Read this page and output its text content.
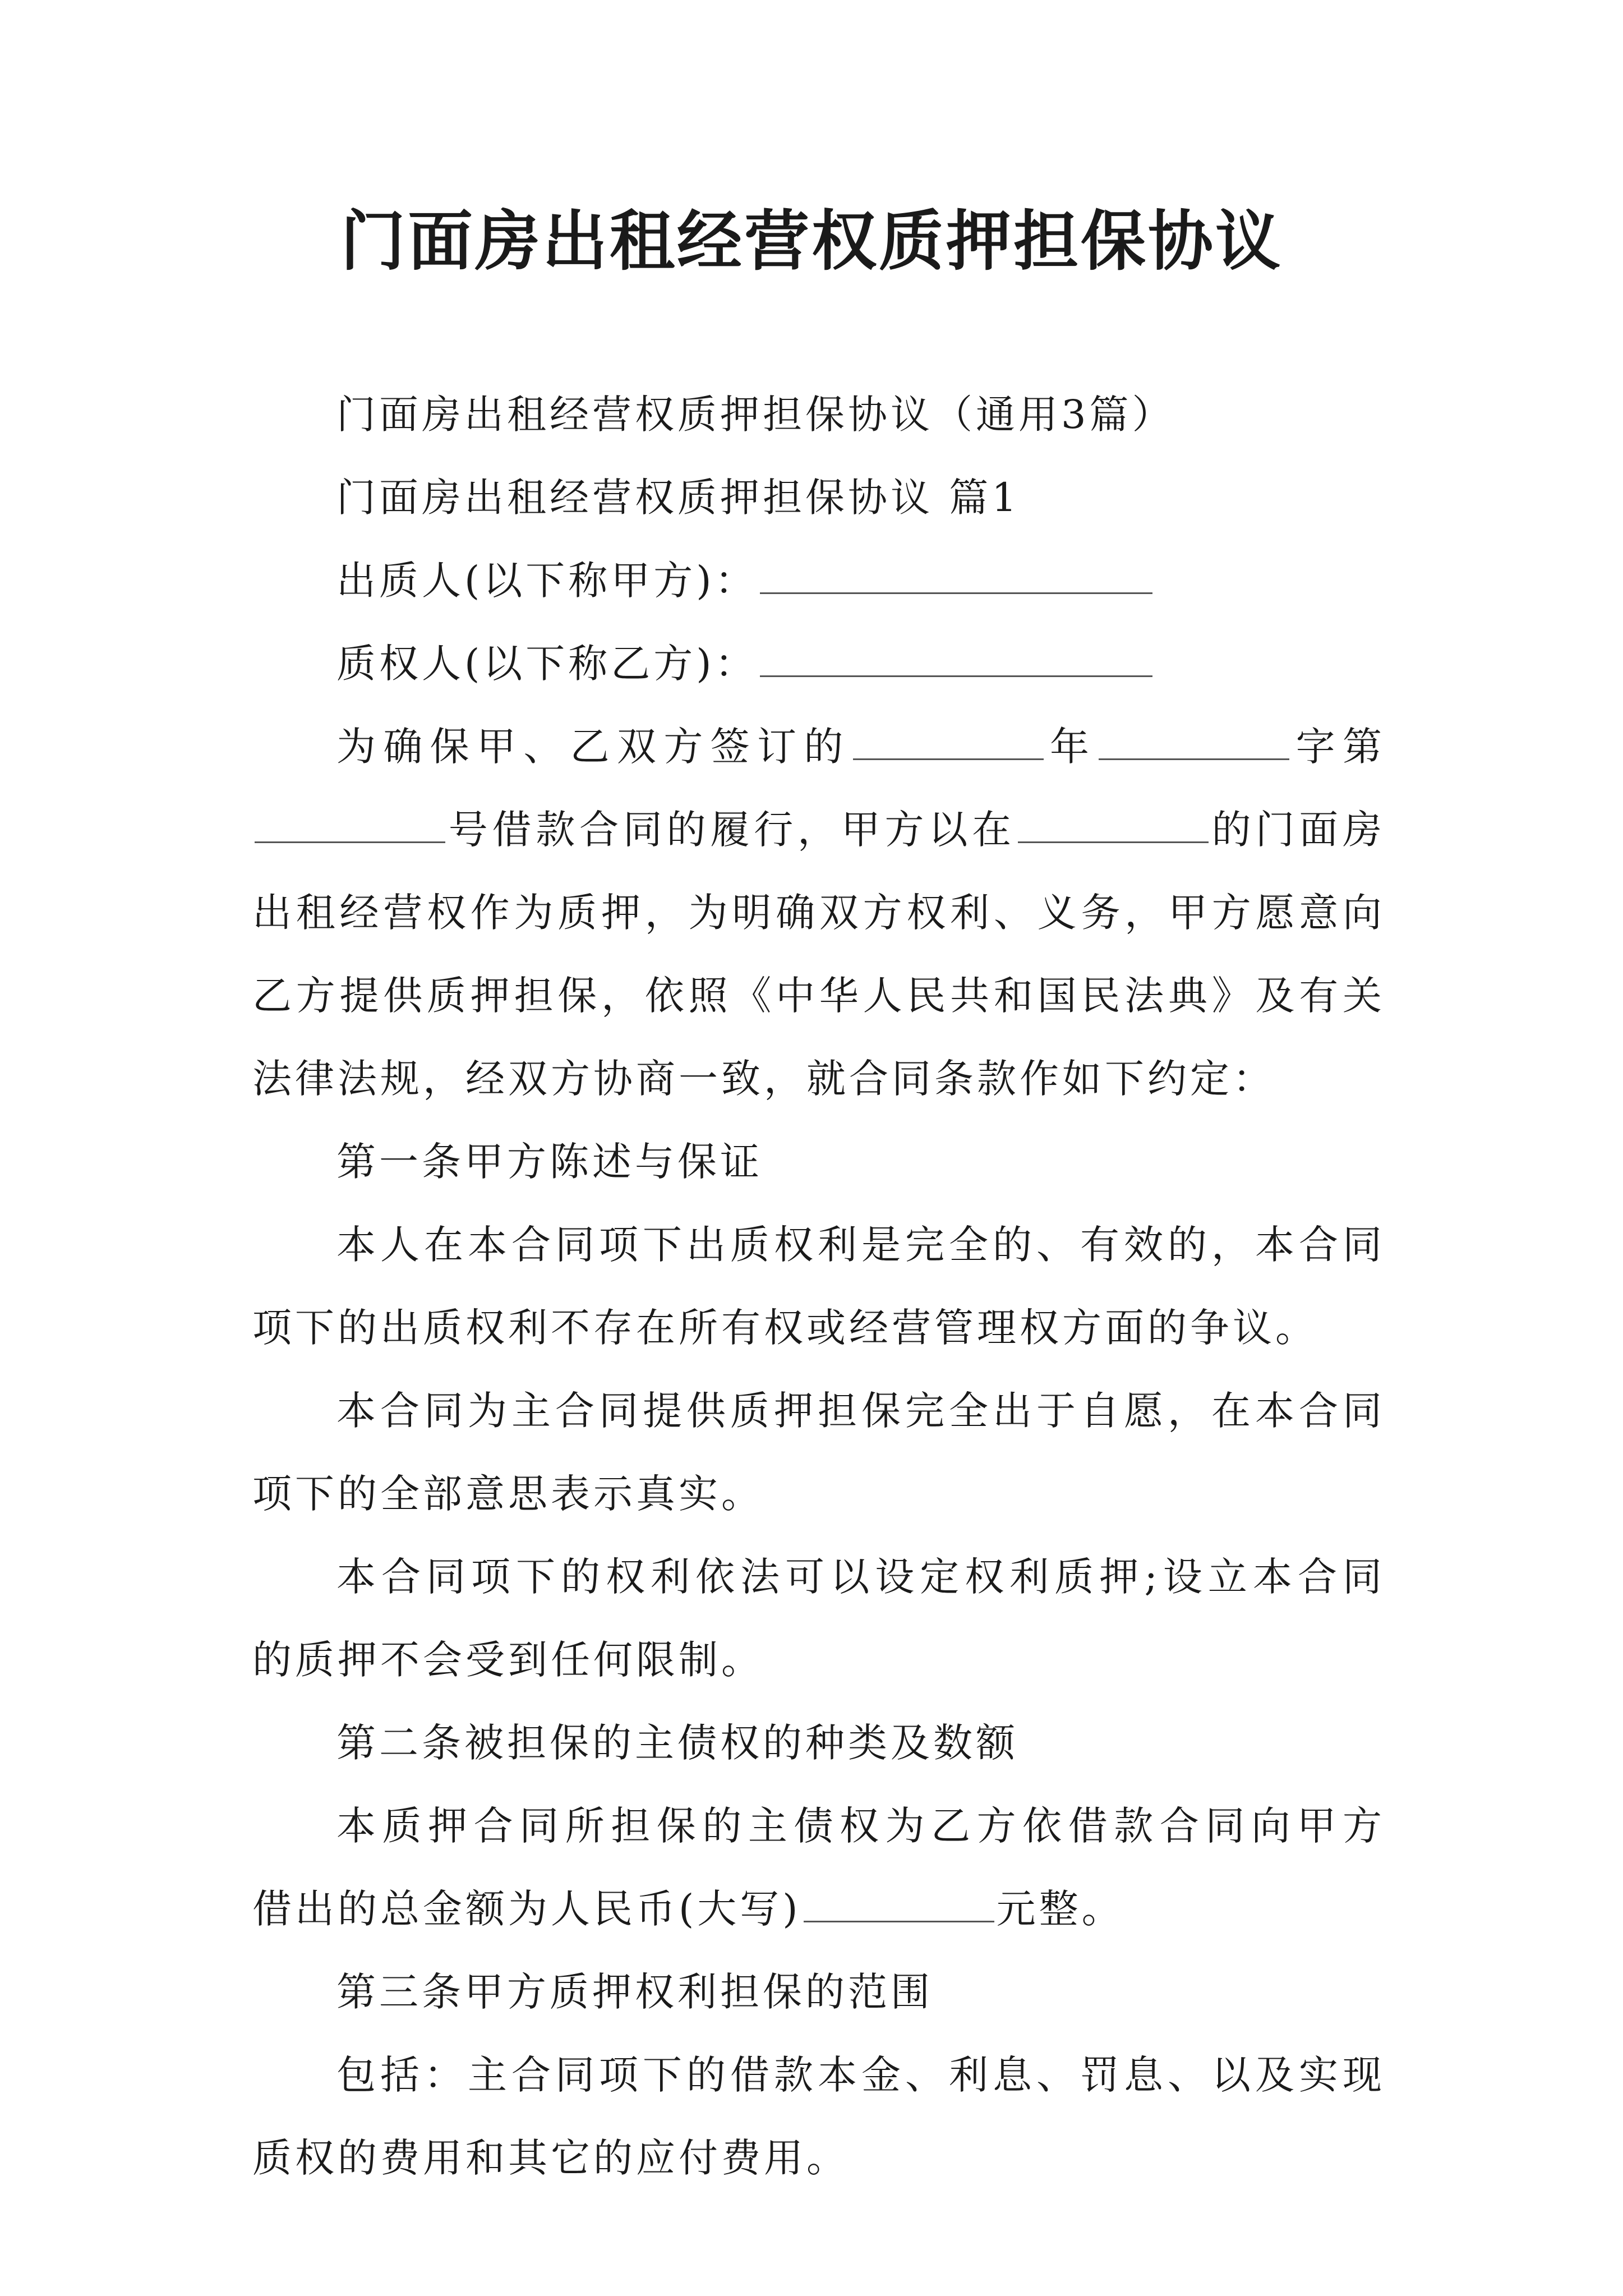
门面房出租经营权质押担保协议

门面房出租经营权质押担保协议（通用3篇）

门面房出租经营权质押担保协议 篇1

出质人(以下称甲方)：

质权人(以下称乙方)：

为确保甲、乙双方签订的	年	字第

号借款合同的履行，甲方以在	的门面房

出租经营权作为质押，为明确双方权利、义务，甲方愿意向

乙方提供质押担保，依照《中华人民共和国民法典》及有关

法律法规，经双方协商一致，就合同条款作如下约定：

第一条甲方陈述与保证

本人在本合同项下出质权利是完全的、有效的，本合同

项下的出质权利不存在所有权或经营管理权方面的争议。

本合同为主合同提供质押担保完全出于自愿，在本合同

项下的全部意思表示真实。

本合同项下的权利依法可以设定权利质押;设立本合同

的质押不会受到任何限制。

第二条被担保的主债权的种类及数额

本质押合同所担保的主债权为乙方依借款合同向甲方

借出的总金额为人民币(大写)	元整。

第三条甲方质押权利担保的范围

包括：主合同项下的借款本金、利息、罚息、以及实现

质权的费用和其它的应付费用。
